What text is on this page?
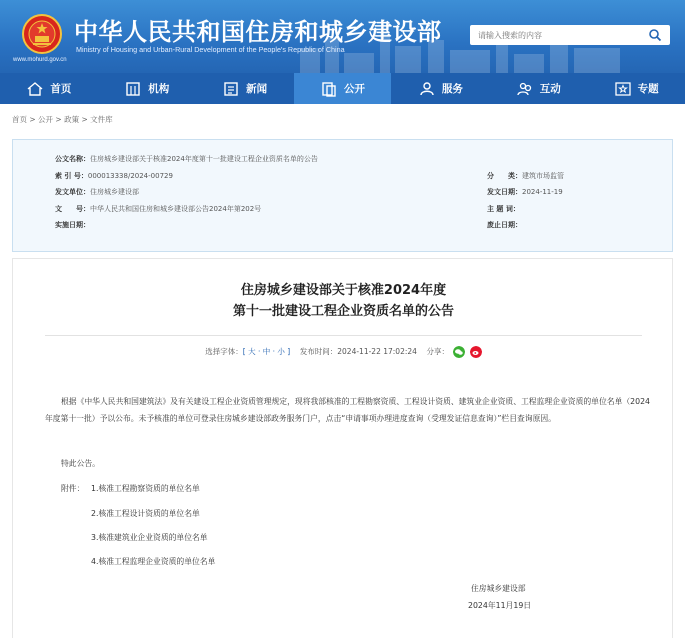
www.mohurd.gov.cn
中华人民共和国住房和城乡建设部
Ministry of Housing and Urban-Rural Development of the People's Republic of China
请输入搜索的内容
首页	机构	新闻	公开	服务	互动	专题
首页 > 公开 > 政策 > 文件库
公文名称：住房城乡建设部关于核准2024年度第十一批建设工程企业资质名单的公告
索 引 号：000013338/2024-00729	分　　类：建筑市场监管
发文单位：住房城乡建设部	发文日期：2024-11-19
文　　号：中华人民共和国住房和城乡建设部公告2024年第202号	主 题 词：
实施日期：	废止日期：
住房城乡建设部关于核准2024年度
第十一批建设工程企业资质名单的公告
选择字体：[ 大 · 中 · 小 ] 发布时间：2024-11-22 17:02:24 分享：
根据《中华人民共和国建筑法》及有关建设工程企业资质管理规定，现将我部核准的工程勘察资质、工程设计资质、建筑业企业资质、工程监理企业资质的单位名单（2024年度第十一批）予以公布。未予核准的单位可登录住房城乡建设部政务服务门户，点击“申请事项办理进度查询（受理发证信息查询）”栏目查询原因。
特此公告。
附件： 1.核准工程勘察资质的单位名单
2.核准工程设计资质的单位名单
3.核准建筑业企业资质的单位名单
4.核准工程监理企业资质的单位名单
住房城乡建设部
2024年11月19日
